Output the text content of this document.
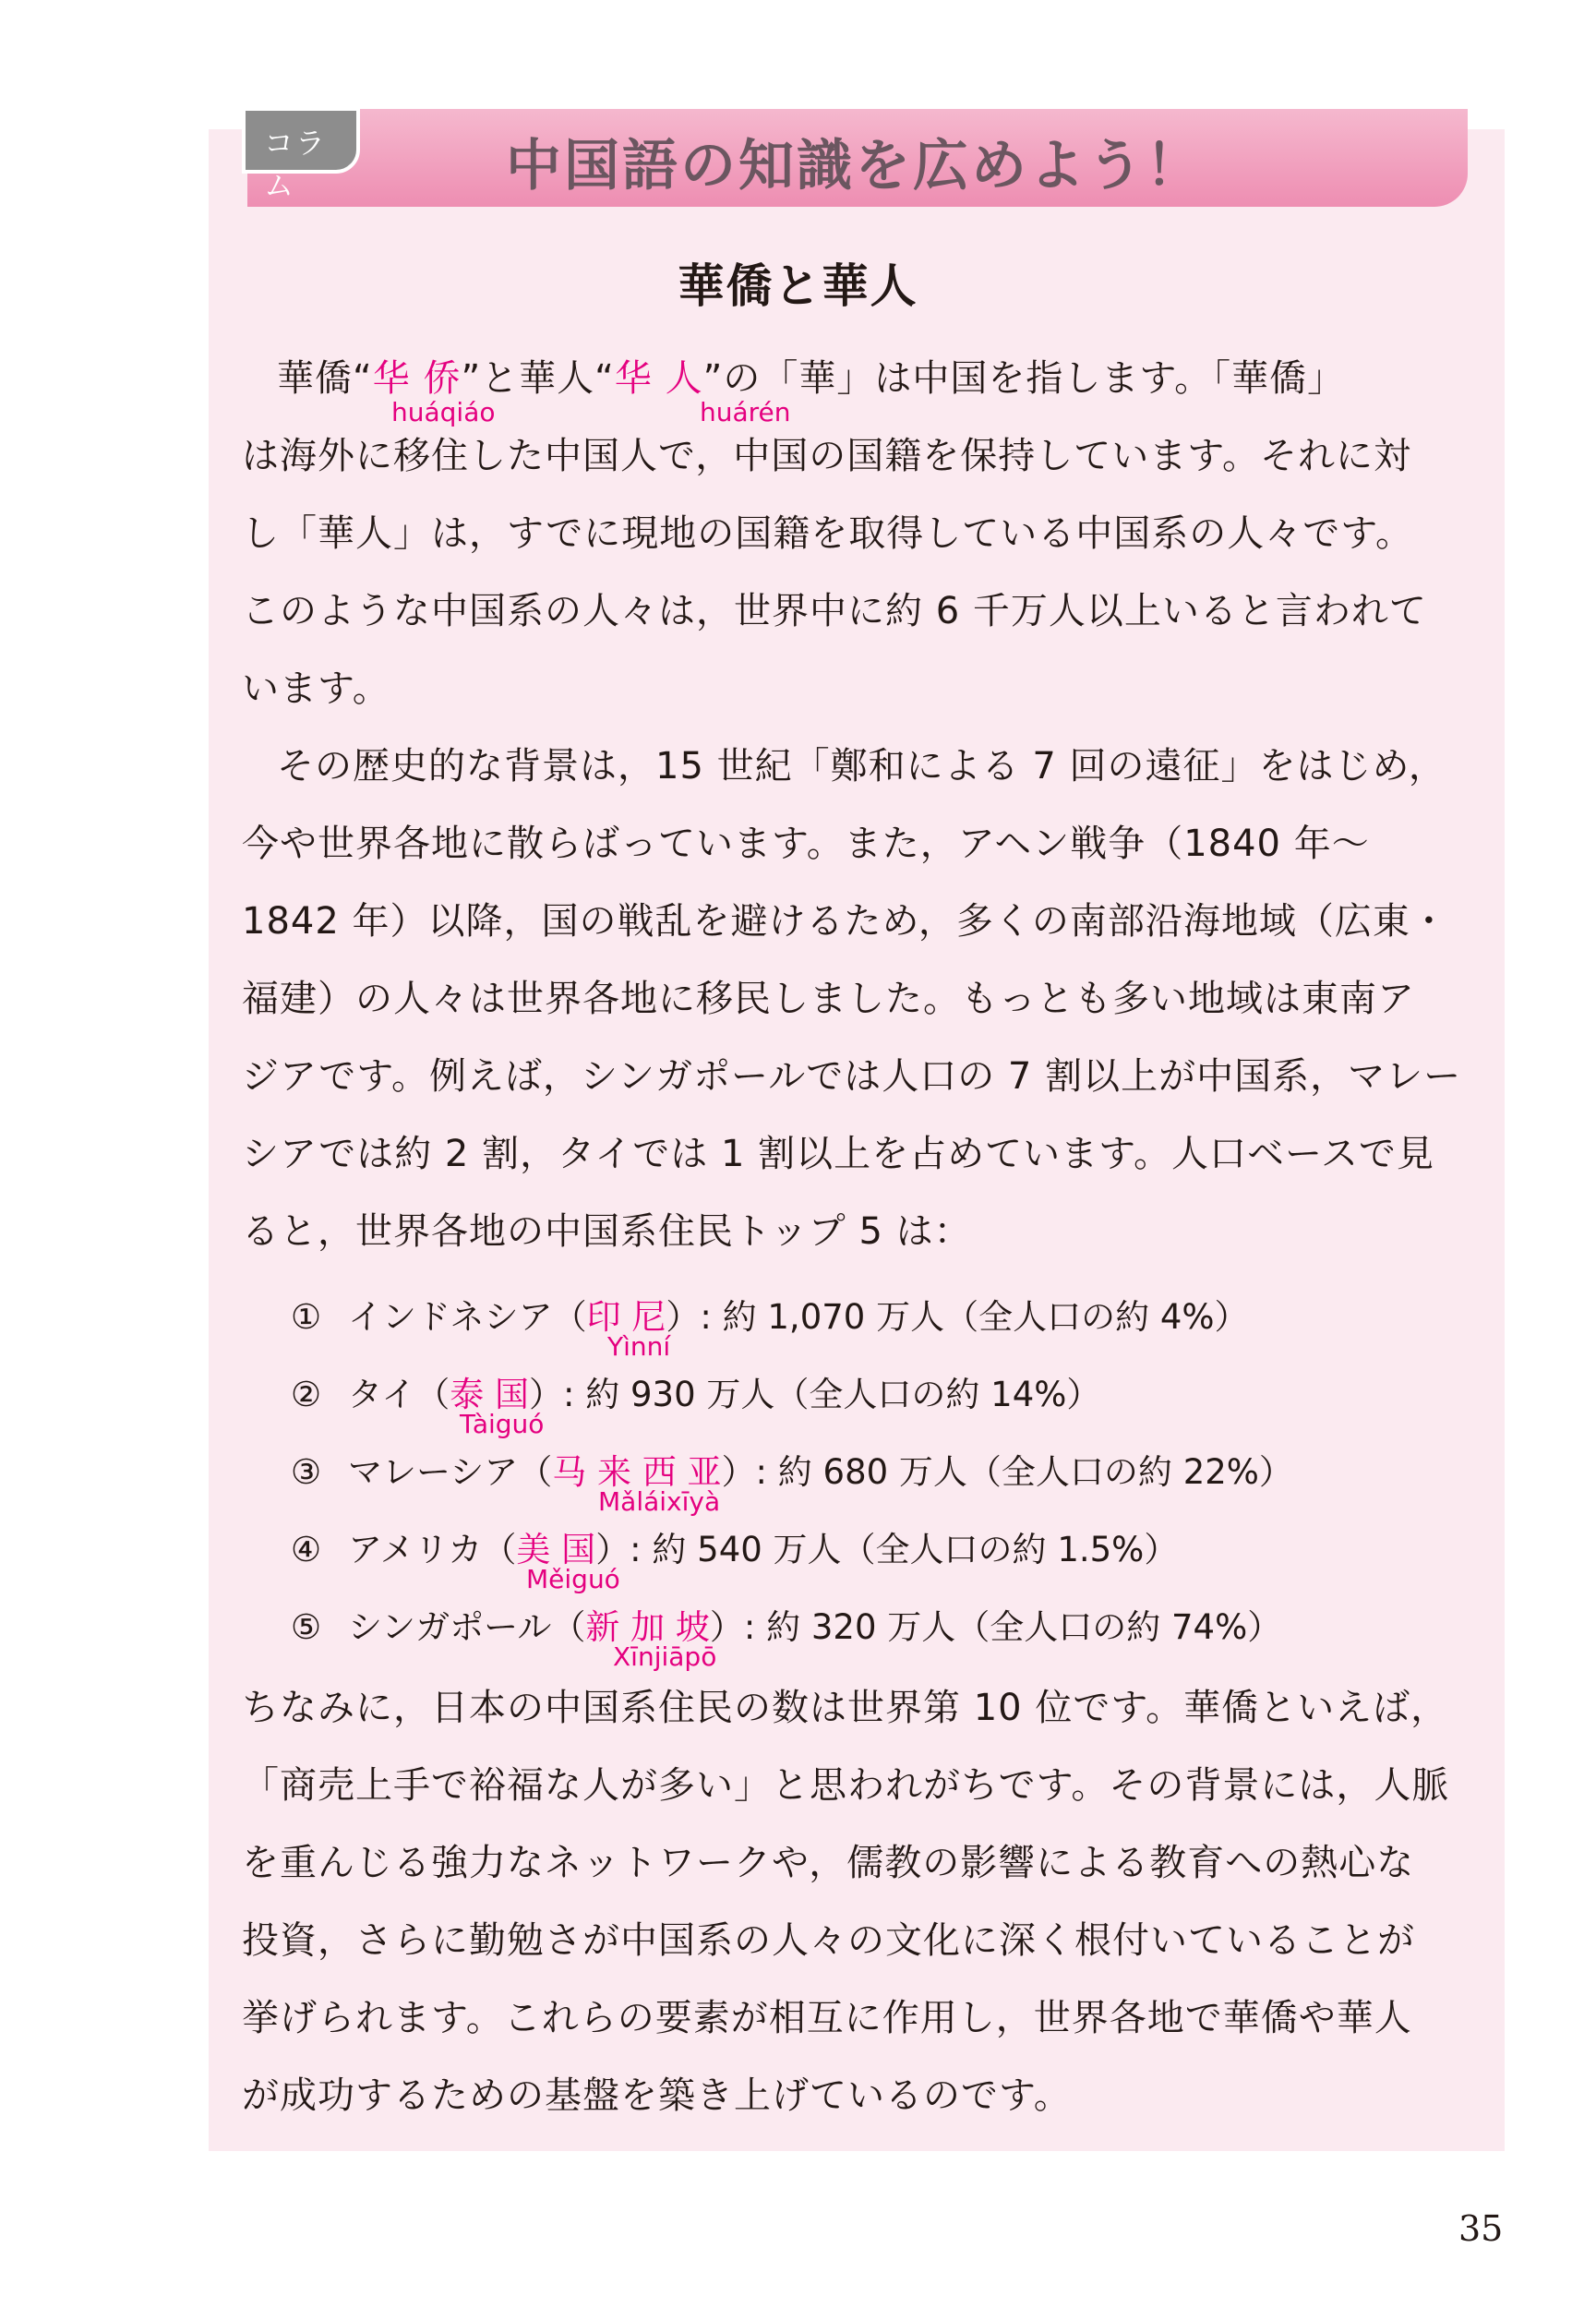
コラム	中国語の知識を広めよう！
華僑と華人
華僑“华 侨”と華人“华 人”の「華」は中国を指します。「華僑」
huáqiáo	huárén
は海外に移住した中国人で，中国の国籍を保持しています。それに対
し「華人」は，すでに現地の国籍を取得している中国系の人々です。
このような中国系の人々は，世界中に約 6 千万人以上いると言われて
います。
その歴史的な背景は，15 世紀「鄭和による 7 回の遠征」をはじめ，
今や世界各地に散らばっています。また，アヘン戦争（1840 年～
1842 年）以降，国の戦乱を避けるため，多くの南部沿海地域（広東・
福建）の人々は世界各地に移民しました。もっとも多い地域は東南ア
ジアです。例えば，シンガポールでは人口の 7 割以上が中国系，マレー
シアでは約 2 割，タイでは 1 割以上を占めています。人口ベースで見
ると，世界各地の中国系住民トップ 5 は：
① インドネシア（印 尼）: 約 1,070 万人（全人口の約 4%）
Yìnní
② タイ（泰 国）: 約 930 万人（全人口の約 14%）
Tàiguó
③ マレーシア（马 来 西 亚）: 約 680 万人（全人口の約 22%）
Mǎláixīyà
④ アメリカ（美 国）: 約 540 万人（全人口の約 1.5%）
Měiguó
⑤ シンガポール（新 加 坡）: 約 320 万人（全人口の約 74%）
Xīnjiāpō
ちなみに，日本の中国系住民の数は世界第 10 位です。華僑といえば，
「商売上手で裕福な人が多い」と思われがちです。その背景には，人脈
を重んじる強力なネットワークや，儒教の影響による教育への熱心な
投資，さらに勤勉さが中国系の人々の文化に深く根付いていることが
挙げられます。これらの要素が相互に作用し，世界各地で華僑や華人
が成功するための基盤を築き上げているのです。
35
